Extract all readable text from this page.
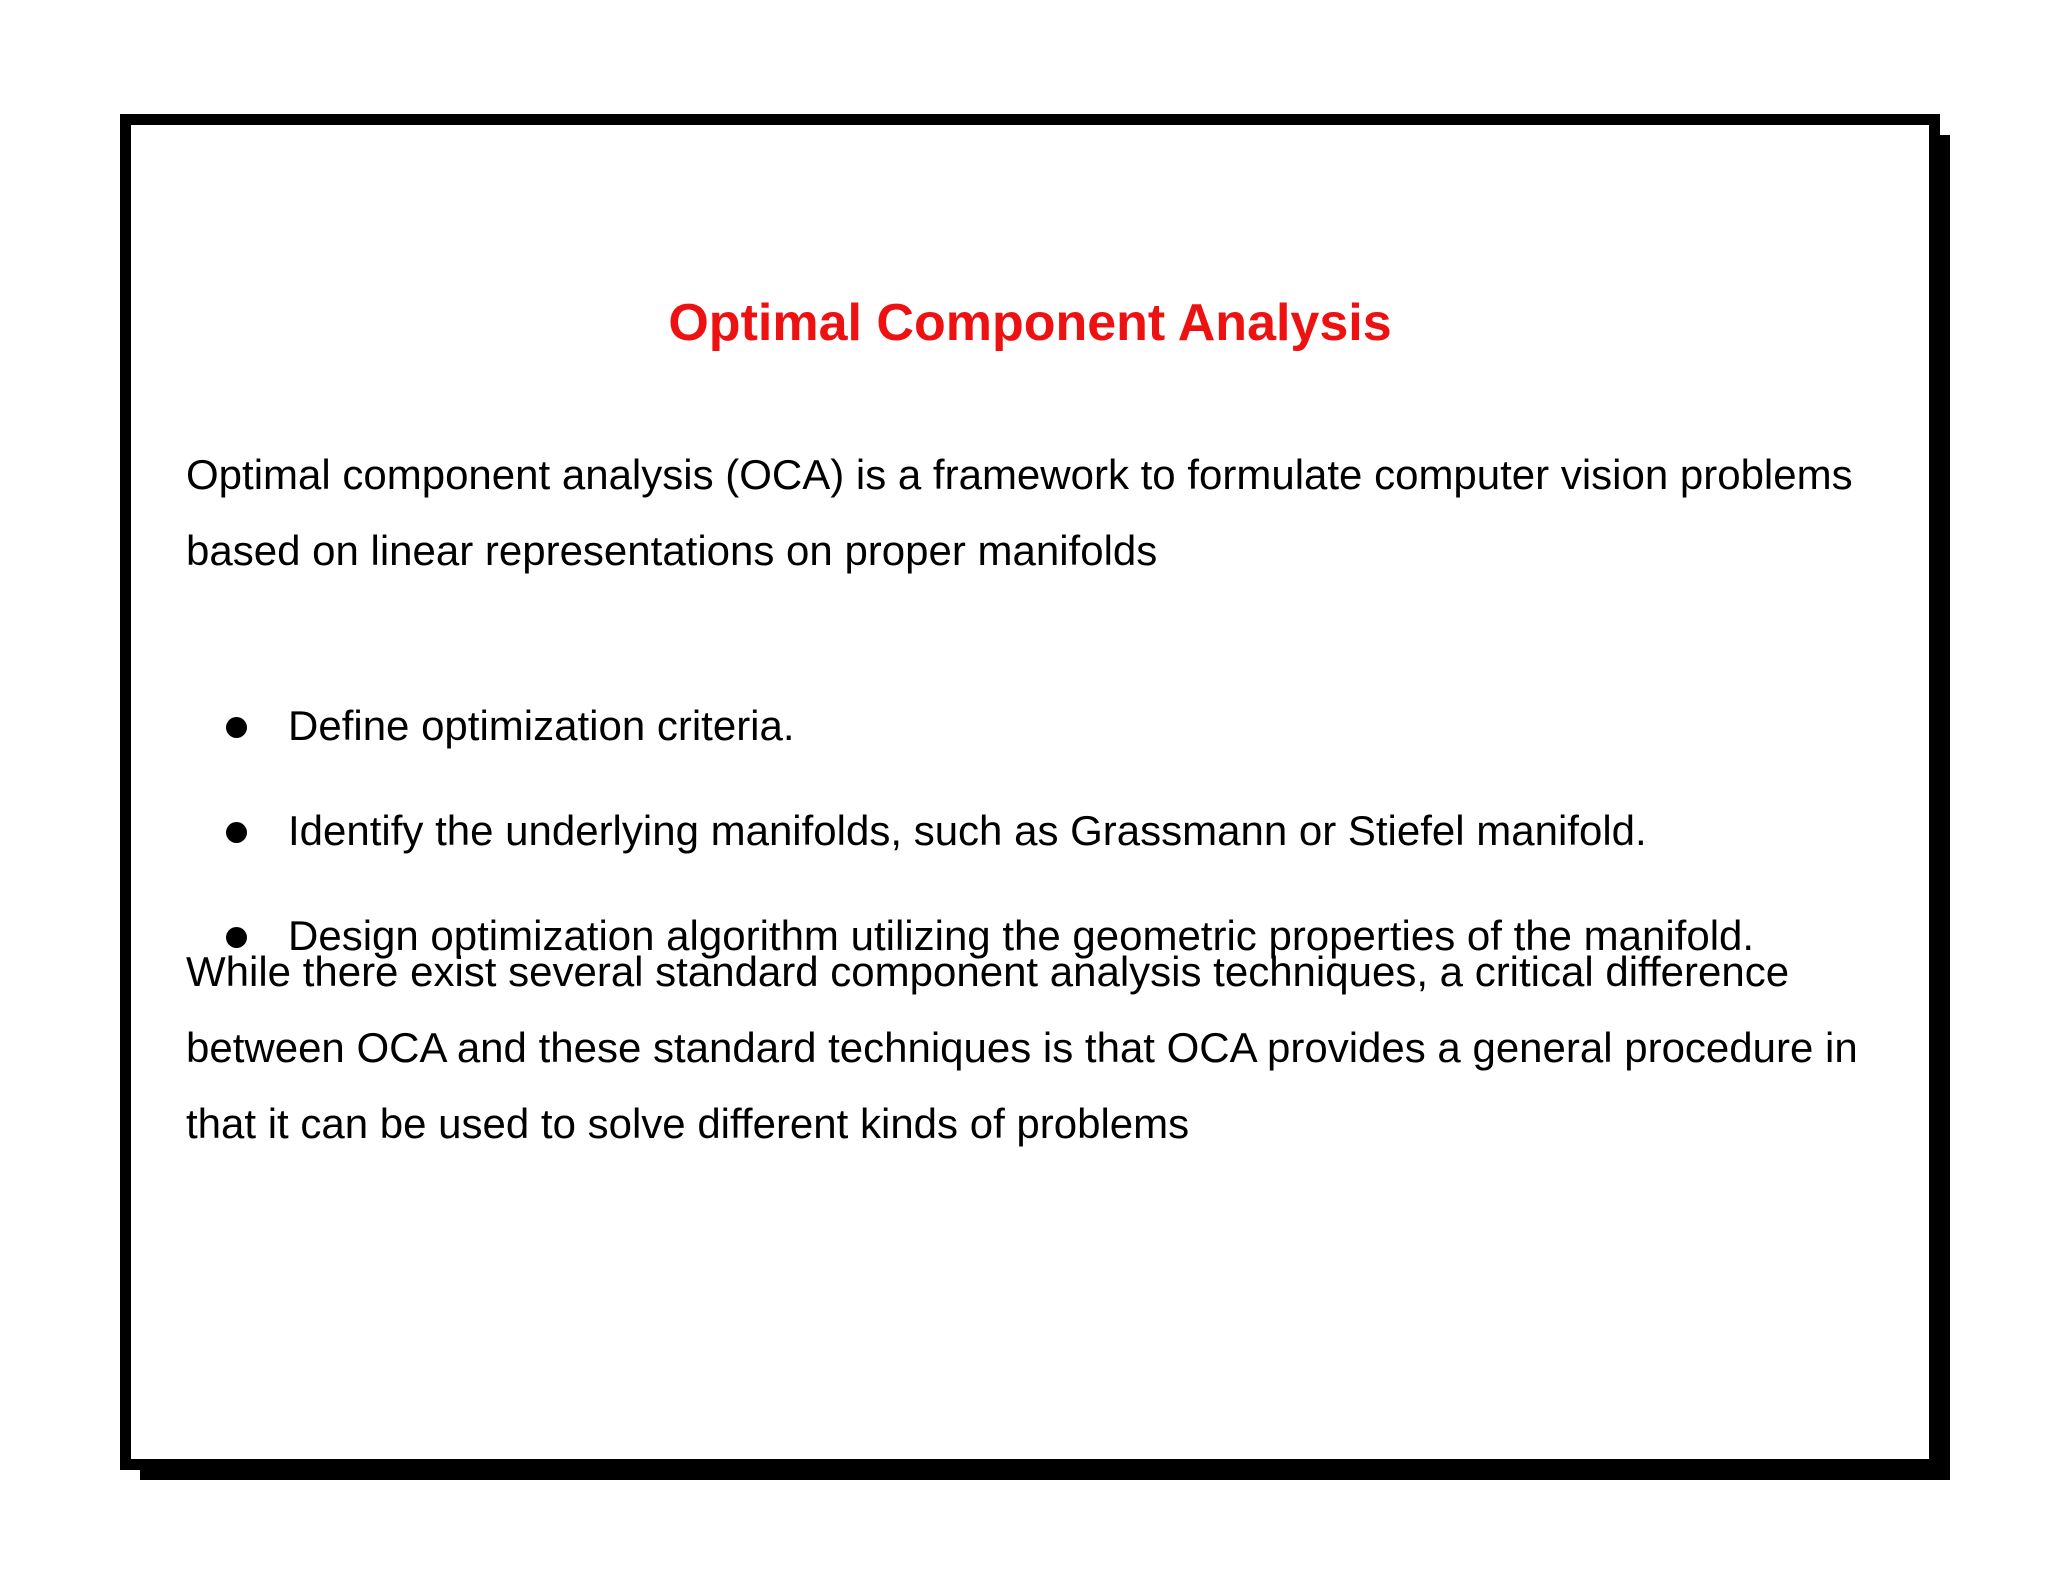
Optimal Component Analysis

Optimal component analysis (OCA) is a framework to formulate computer vision problems based on linear representations on proper manifolds

Define optimization criteria.
Identify the underlying manifolds, such as Grassmann or Stiefel manifold.
Design optimization algorithm utilizing the geometric properties of the manifold.

While there exist several standard component analysis techniques, a critical difference between OCA and these standard techniques is that OCA provides a general procedure in that it can be used to solve different kinds of problems
